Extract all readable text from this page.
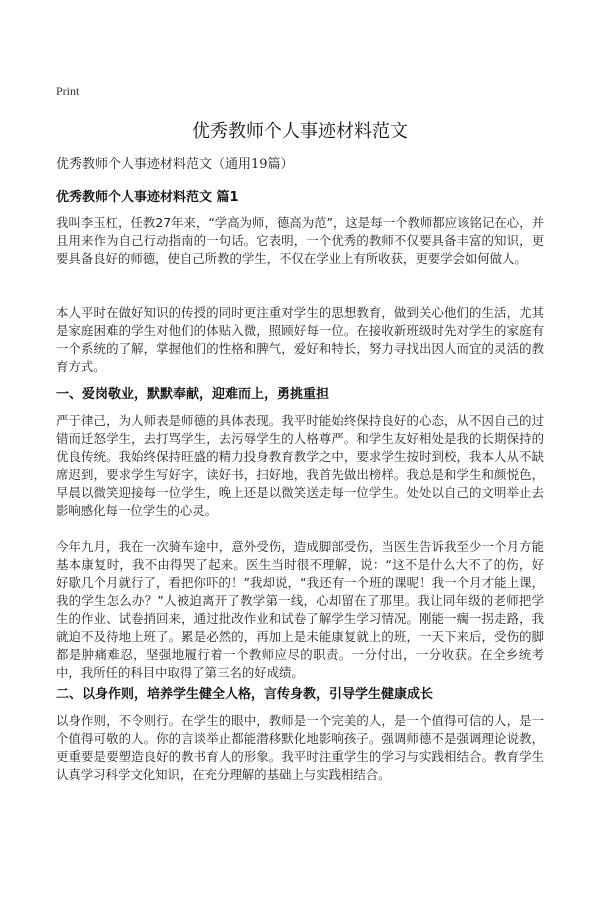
Print
优秀教师个人事迹材料范文
优秀教师个人事迹材料范文（通用19篇）
优秀教师个人事迹材料范文 篇1

我叫李玉杠，任教27年来，“学高为师，德高为范”，这是每一个教师都应该铭记在心，并且用来作为自己行动指南的一句话。它表明，一个优秀的教师不仅要具备丰富的知识，更要具备良好的师德，使自己所教的学生，不仅在学业上有所收获，更要学会如何做人。

本人平时在做好知识的传授的同时更注重对学生的思想教育，做到关心他们的生活，尤其是家庭困难的学生对他们的体贴入微，照顾好每一位。在接收新班级时先对学生的家庭有一个系统的了解，掌握他们的性格和脾气，爱好和特长，努力寻找出因人而宜的灵活的教育方式。

一、爱岗敬业，默默奉献，迎难而上，勇挑重担

严于律己，为人师表是师德的具体表现。我平时能始终保持良好的心态，从不因自己的过错而迁怒学生，去打骂学生，去污辱学生的人格尊严。和学生友好相处是我的长期保持的优良传统。我始终保持旺盛的精力投身教育教学之中，要求学生按时到校，我本人从不缺席迟到，要求学生写好字，读好书，扫好地，我首先做出榜样。我总是和学生和颜悦色，早晨以微笑迎接每一位学生，晚上还是以微笑送走每一位学生。处处以自己的文明举止去影响感化每一位学生的心灵。

今年九月，我在一次骑车途中，意外受伤，造成脚部受伤，当医生告诉我至少一个月方能基本康复时，我不由得哭了起来。医生当时很不理解，说：“这不是什么大不了的伤，好好歇几个月就行了，看把你吓的！”我却说，“我还有一个班的课呢！我一个月才能上课，我的学生怎么办？”人被迫离开了教学第一线，心却留在了那里。我让同年级的老师把学生的作业、试卷捎回来，通过批改作业和试卷了解学生学习情况。刚能一瘸一拐走路，我就迫不及待地上班了。累是必然的，再加上是未能康复就上的班，一天下来后，受伤的脚都是肿痛难忍，坚强地履行着一个教师应尽的职责。一分付出，一分收获。在全乡统考中，我所任的科目中取得了第三名的好成绩。

二、以身作则，培养学生健全人格，言传身教，引导学生健康成长

以身作则，不令则行。在学生的眼中，教师是一个完美的人，是一个值得可信的人，是一个值得可敬的人。你的言谈举止都能潜移默化地影响孩子。强调师德不是强调理论说教，更重要是要塑造良好的教书育人的形象。我平时注重学生的学习与实践相结合。教育学生认真学习科学文化知识，在充分理解的基础上与实践相结合。
